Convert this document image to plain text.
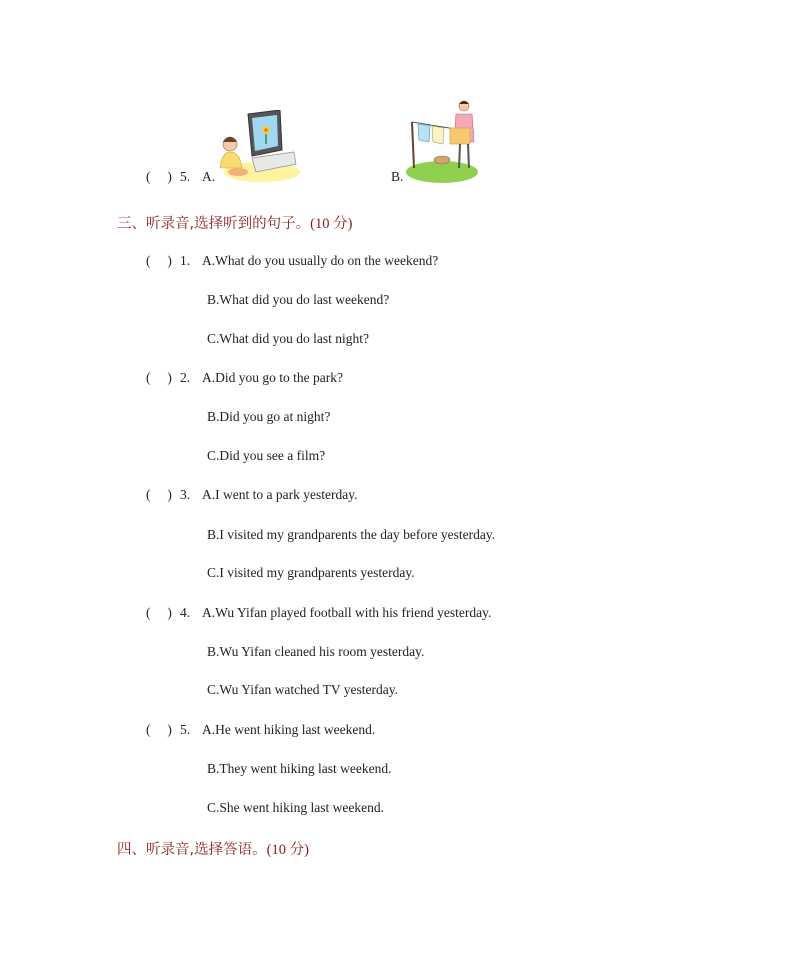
(     ) 5. A.	B.
三、听录音,选择听到的句子。(10 分)
(     ) 1. A.What do you usually do on the weekend?
B.What did you do last weekend?
C.What did you do last night?
(     ) 2. A.Did you go to the park?
B.Did you go at night?
C.Did you see a film?
(     ) 3. A.I went to a park yesterday.
B.I visited my grandparents the day before yesterday.
C.I visited my grandparents yesterday.
(     ) 4. A.Wu Yifan played football with his friend yesterday.
B.Wu Yifan cleaned his room yesterday.
C.Wu Yifan watched TV yesterday.
(     ) 5. A.He went hiking last weekend.
B.They went hiking last weekend.
C.She went hiking last weekend.
四、听录音,选择答语。(10 分)
